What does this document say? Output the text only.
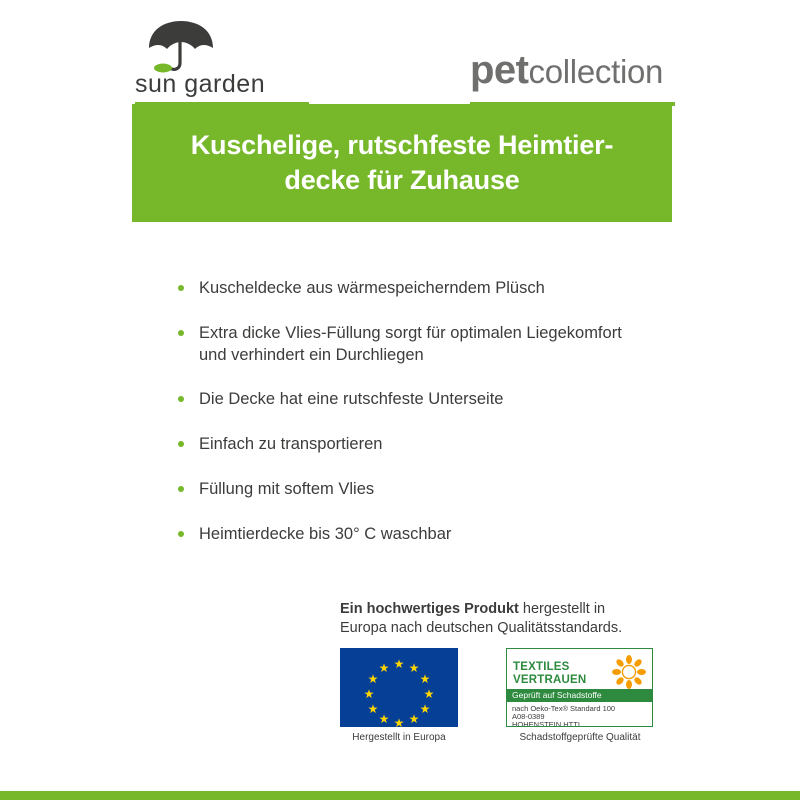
sun garden	petcollection
Kuschelige, rutschfeste Heimtier-
decke für Zuhause
Kuscheldecke aus wärmespeicherndem Plüsch
Extra dicke Vlies-Füllung sorgt für optimalen Liegekomfort und verhindert ein Durchliegen
Die Decke hat eine rutschfeste Unterseite
Einfach zu transportieren
Füllung mit softem Vlies
Heimtierdecke bis 30° C waschbar
Ein hochwertiges Produkt hergestellt in Europa nach deutschen Qualitätsstandards.
★ ★
★
★
★
★
★
★
★
★
★
★
Hergestellt in Europa
TEXTILES
VERTRAUEN
Geprüft auf Schadstoffe
nach Oeko-Tex® Standard 100
A08-0389
HOHENSTEIN HTTI
Schadstoffgeprüfte Qualität
